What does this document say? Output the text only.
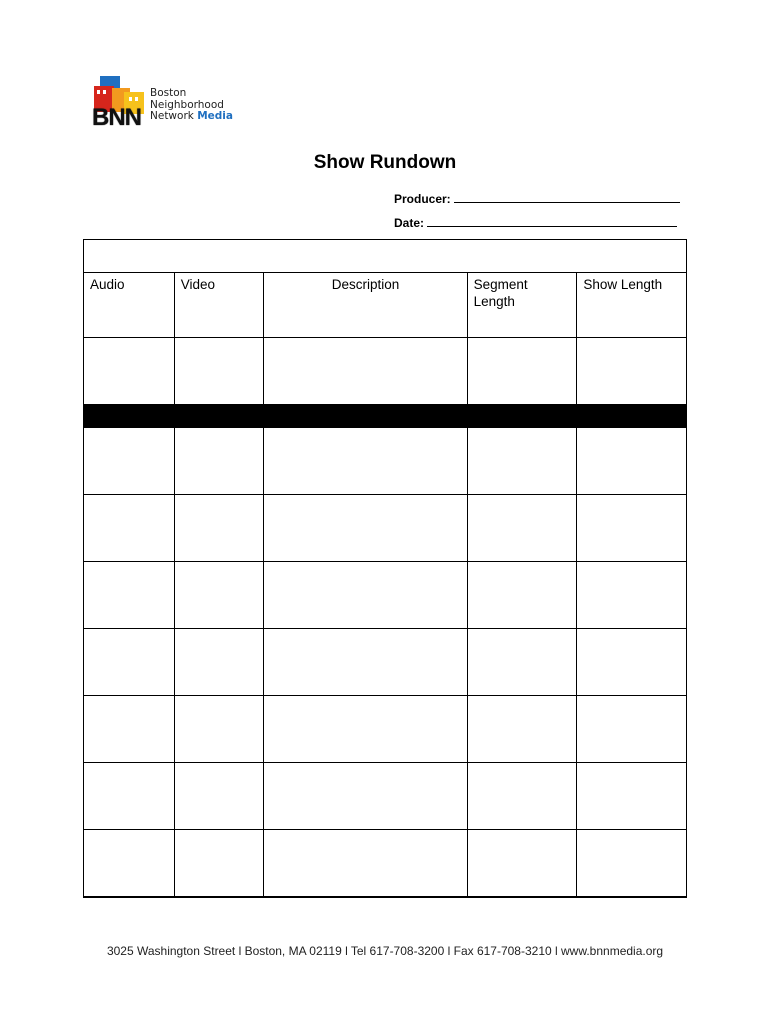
BNN
Boston
Neighborhood
Network Media
Show Rundown
Producer:
Date:

Audio	Video	Description	Segment Length	Show Length

3025 Washington Street l Boston, MA 02119 l Tel 617-708-3200 l Fax 617-708-3210 l www.bnnmedia.org
